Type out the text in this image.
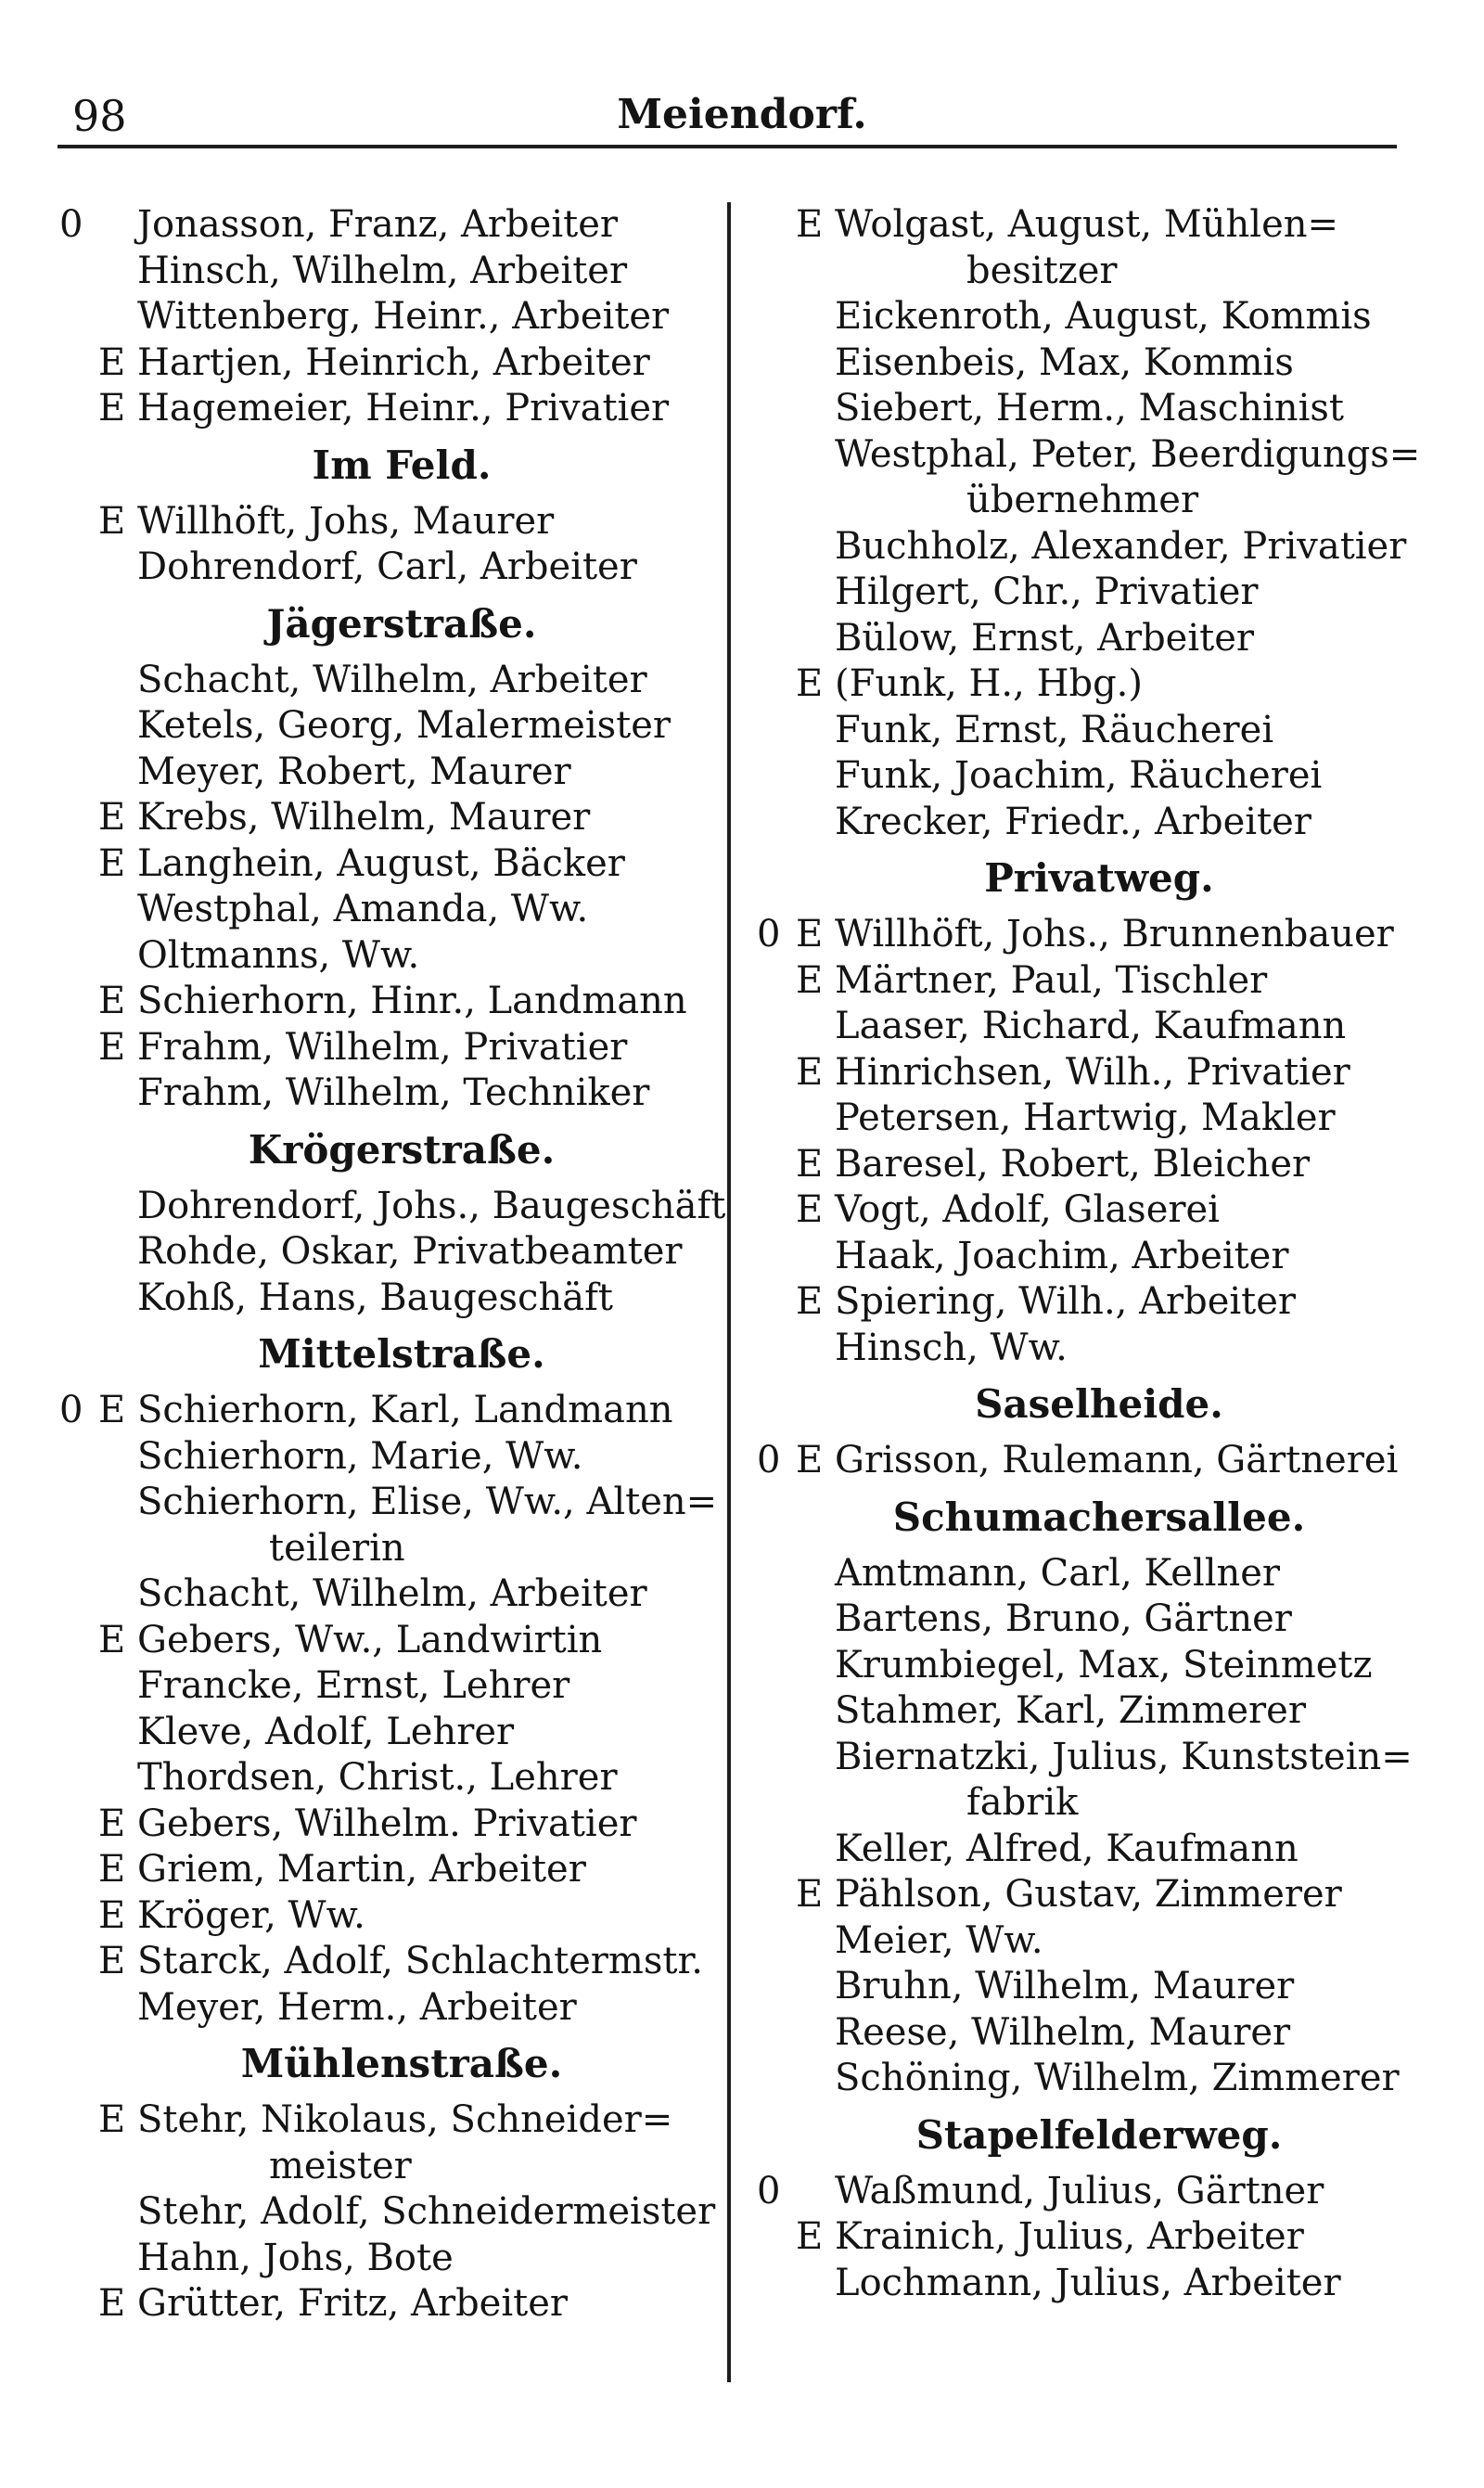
98	Meiendorf.
0 Jonasson, Franz, Arbeiter
Hinsch, Wilhelm, Arbeiter
Wittenberg, Heinr., Arbeiter
E Hartjen, Heinrich, Arbeiter
E Hagemeier, Heinr., Privatier
Im Feld.
E Willhöft, Johs, Maurer
Dohrendorf, Carl, Arbeiter
Jägerstraße.
Schacht, Wilhelm, Arbeiter
Ketels, Georg, Malermeister
Meyer, Robert, Maurer
E Krebs, Wilhelm, Maurer
E Langhein, August, Bäcker
Westphal, Amanda, Ww.
Oltmanns, Ww.
E Schierhorn, Hinr., Landmann
E Frahm, Wilhelm, Privatier
Frahm, Wilhelm, Techniker
Krögerstraße.
Dohrendorf, Johs., Baugeschäft
Rohde, Oskar, Privatbeamter
Kohß, Hans, Baugeschäft
Mittelstraße.
0 E Schierhorn, Karl, Landmann
Schierhorn, Marie, Ww.
Schierhorn, Elise, Ww., Alten=
teilerin
Schacht, Wilhelm, Arbeiter
E Gebers, Ww., Landwirtin
Francke, Ernst, Lehrer
Kleve, Adolf, Lehrer
Thordsen, Christ., Lehrer
E Gebers, Wilhelm. Privatier
E Griem, Martin, Arbeiter
E Kröger, Ww.
E Starck, Adolf, Schlachtermstr.
Meyer, Herm., Arbeiter
Mühlenstraße.
E Stehr, Nikolaus, Schneider=
meister
Stehr, Adolf, Schneidermeister
Hahn, Johs, Bote
E Grütter, Fritz, Arbeiter
E Wolgast, August, Mühlen=
besitzer
Eickenroth, August, Kommis
Eisenbeis, Max, Kommis
Siebert, Herm., Maschinist
Westphal, Peter, Beerdigungs=
übernehmer
Buchholz, Alexander, Privatier
Hilgert, Chr., Privatier
Bülow, Ernst, Arbeiter
E (Funk, H., Hbg.)
Funk, Ernst, Räucherei
Funk, Joachim, Räucherei
Krecker, Friedr., Arbeiter
Privatweg.
0 E Willhöft, Johs., Brunnenbauer
E Märtner, Paul, Tischler
Laaser, Richard, Kaufmann
E Hinrichsen, Wilh., Privatier
Petersen, Hartwig, Makler
E Baresel, Robert, Bleicher
E Vogt, Adolf, Glaserei
Haak, Joachim, Arbeiter
E Spiering, Wilh., Arbeiter
Hinsch, Ww.
Saselheide.
0 E Grisson, Rulemann, Gärtnerei
Schumachersallee.
Amtmann, Carl, Kellner
Bartens, Bruno, Gärtner
Krumbiegel, Max, Steinmetz
Stahmer, Karl, Zimmerer
Biernatzki, Julius, Kunststein=
fabrik
Keller, Alfred, Kaufmann
E Pählson, Gustav, Zimmerer
Meier, Ww.
Bruhn, Wilhelm, Maurer
Reese, Wilhelm, Maurer
Schöning, Wilhelm, Zimmerer
Stapelfelderweg.
0 Waßmund, Julius, Gärtner
E Krainich, Julius, Arbeiter
Lochmann, Julius, Arbeiter
